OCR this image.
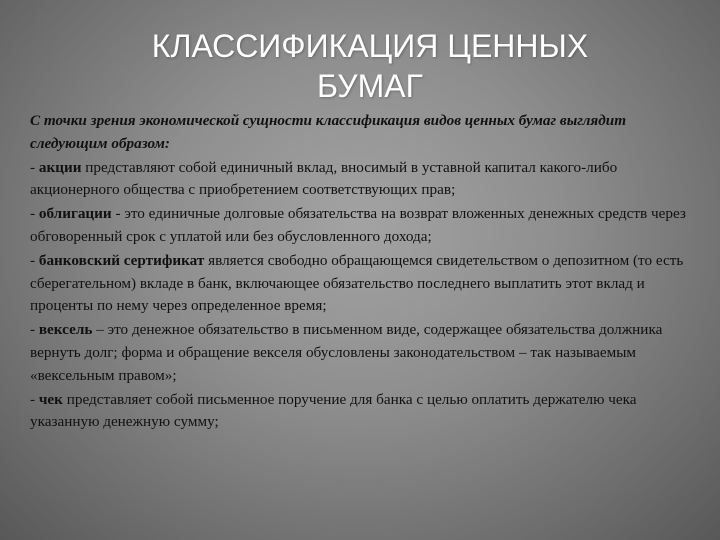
КЛАССИФИКАЦИЯ ЦЕННЫХ
БУМАГ

С точки зрения экономической сущности классификация видов ценных бумаг выглядит следующим образом:

- акции представляют собой единичный вклад, вносимый в уставной капитал какого-либо акционерного общества с приобретением соответствующих прав;

- облигации - это единичные долговые обязательства на возврат вложенных денежных средств через обговоренный срок с уплатой или без обусловленного дохода;

- банковский сертификат является свободно обращающемся свидетельством о депозитном (то есть сберегательном) вкладе в банк, включающее обязательство последнего выплатить этот вклад и проценты по нему через определенное время;

- вексель – это денежное обязательство в письменном виде, содержащее обязательства должника вернуть долг; форма и обращение векселя обусловлены законодательством – так называемым «вексельным правом»;

- чек представляет собой письменное поручение для банка с целью оплатить держателю чека указанную денежную сумму;
